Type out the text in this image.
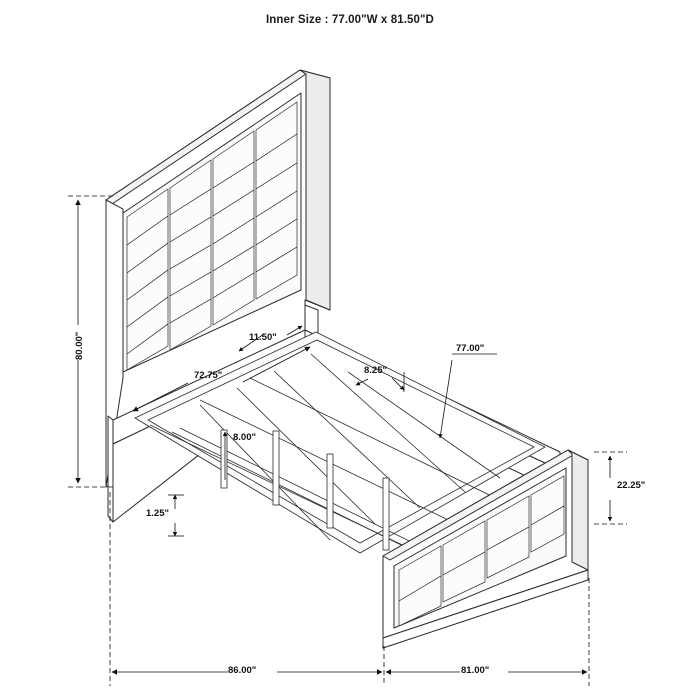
Inner Size : 77.00"W x 81.50"D
80.00"	11.50"
72.75"	8.25"
77.00"
8.00"
22.25"
1.25"
86.00"	81.00"
